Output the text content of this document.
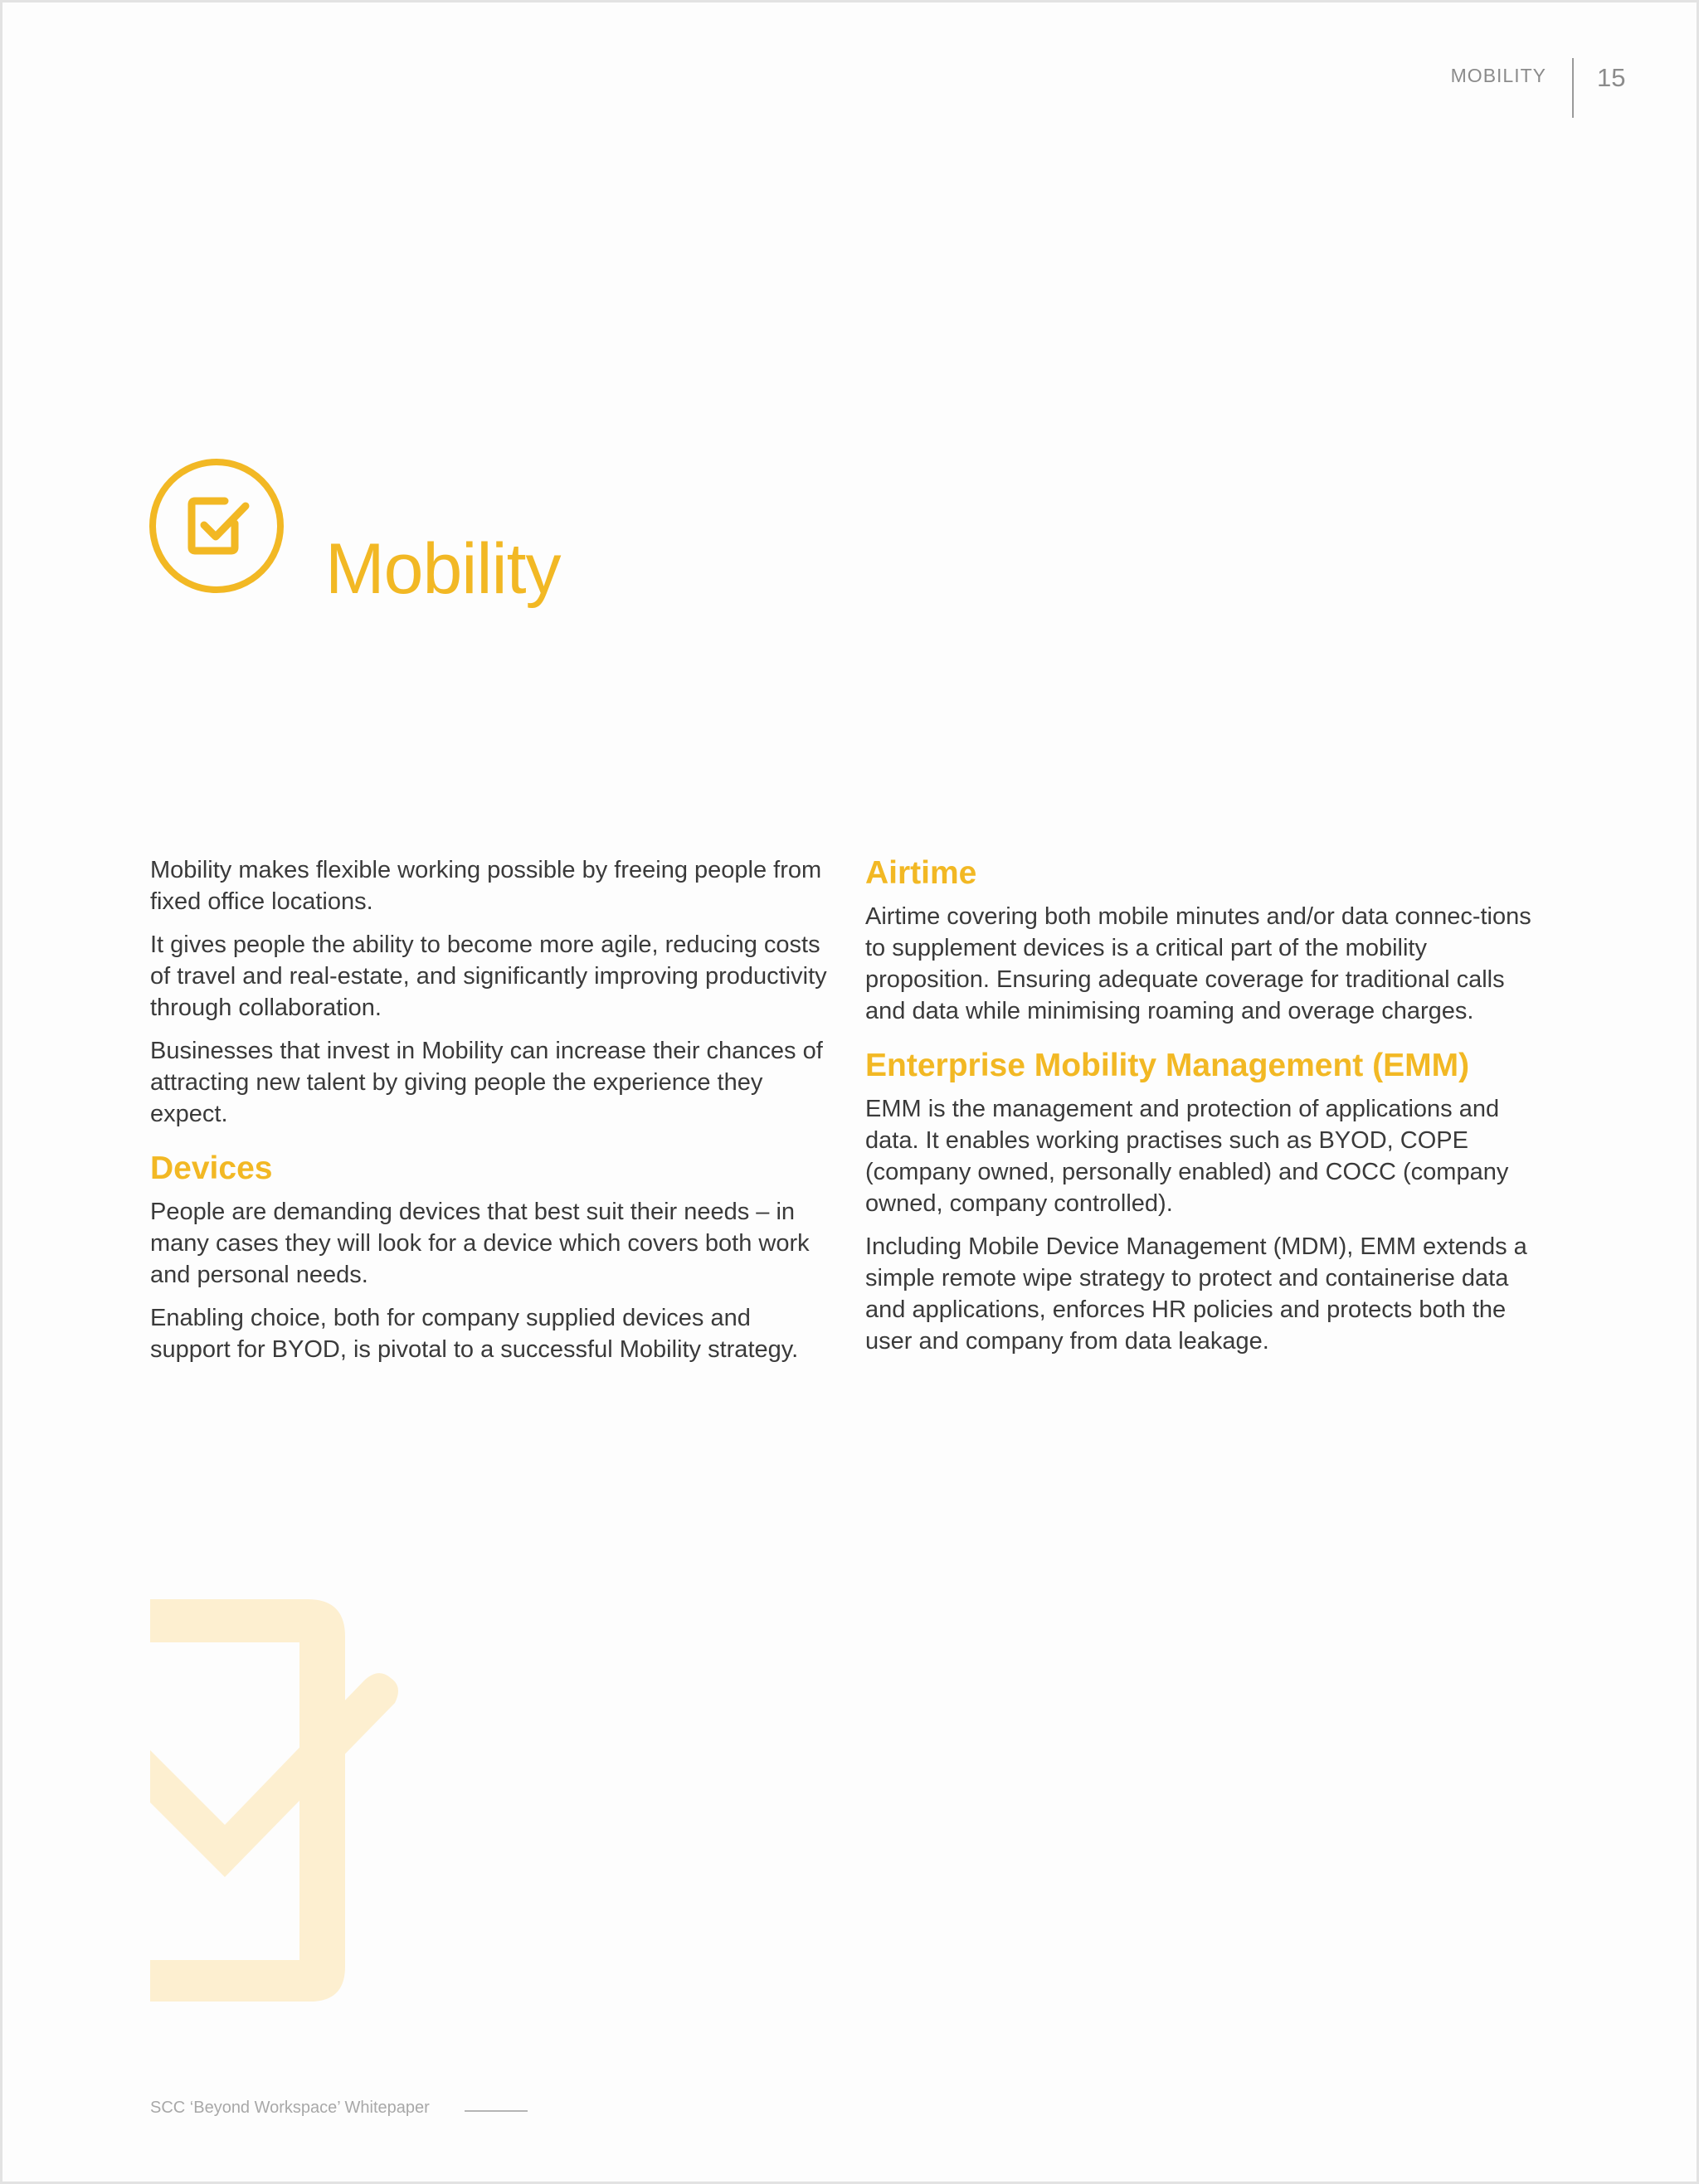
MOBILITY 15
Mobility

Mobility makes flexible working possible by freeing people from fixed office locations.

It gives people the ability to become more agile, reducing costs of travel and real-estate, and significantly improving productivity through collaboration.

Businesses that invest in Mobility can increase their chances of attracting new talent by giving people the experience they expect.

Devices

People are demanding devices that best suit their needs – in many cases they will look for a device which covers both work and personal needs.

Enabling choice, both for company supplied devices and support for BYOD, is pivotal to a successful Mobility strategy.

Airtime

Airtime covering both mobile minutes and/or data connec-tions to supplement devices is a critical part of the mobility proposition. Ensuring adequate coverage for traditional calls and data while minimising roaming and overage charges.

Enterprise Mobility Management (EMM)

EMM is the management and protection of applications and data. It enables working practises such as BYOD, COPE (company owned, personally enabled) and COCC (company owned, company controlled).

Including Mobile Device Management (MDM), EMM extends a simple remote wipe strategy to protect and containerise data and applications, enforces HR policies and protects both the user and company from data leakage.

SCC ‘Beyond Workspace’ Whitepaper
